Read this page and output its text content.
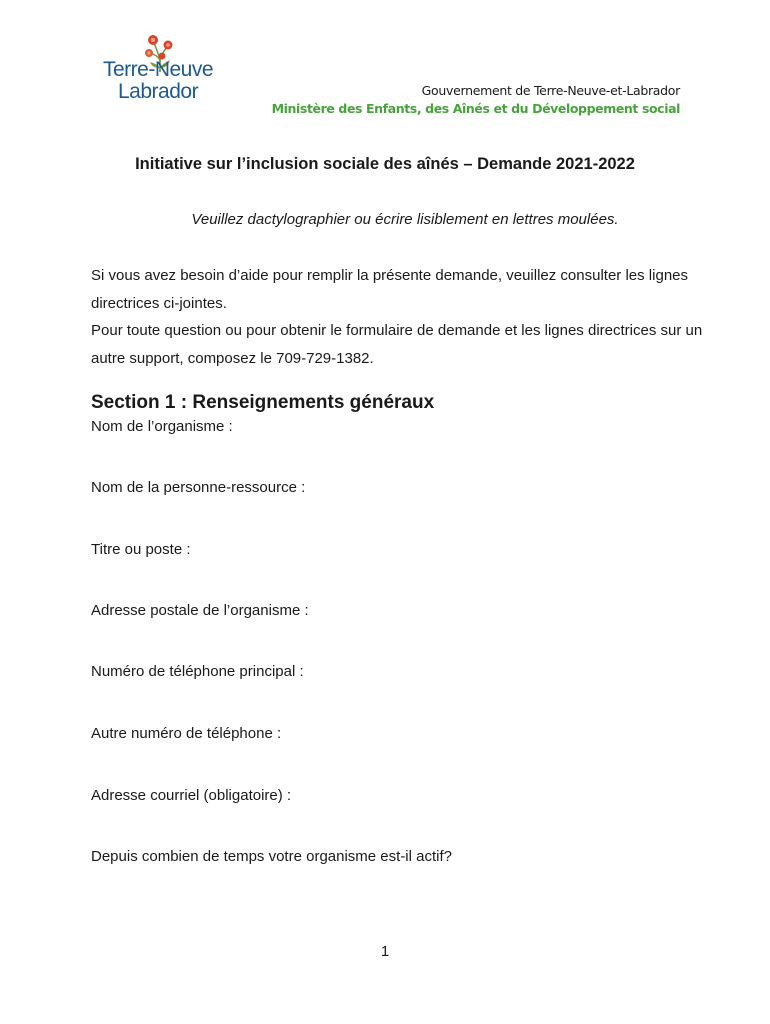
Terre-Neuve
Labrador	Gouvernement de Terre-Neuve-et-Labrador
Ministère des Enfants, des Aînés et du Développement social
Initiative sur l’inclusion sociale des aînés – Demande 2021-2022
Veuillez dactylographier ou écrire lisiblement en lettres moulées.

Si vous avez besoin d’aide pour remplir la présente demande, veuillez consulter les lignes directrices ci-jointes.

Pour toute question ou pour obtenir le formulaire de demande et les lignes directrices sur un autre support, composez le 709-729-1382.

Section 1 : Renseignements généraux
Nom de l’organisme :
Nom de la personne-ressource :
Titre ou poste :
Adresse postale de l’organisme :
Numéro de téléphone principal :
Autre numéro de téléphone :
Adresse courriel (obligatoire) :
Depuis combien de temps votre organisme est-il actif?
1
